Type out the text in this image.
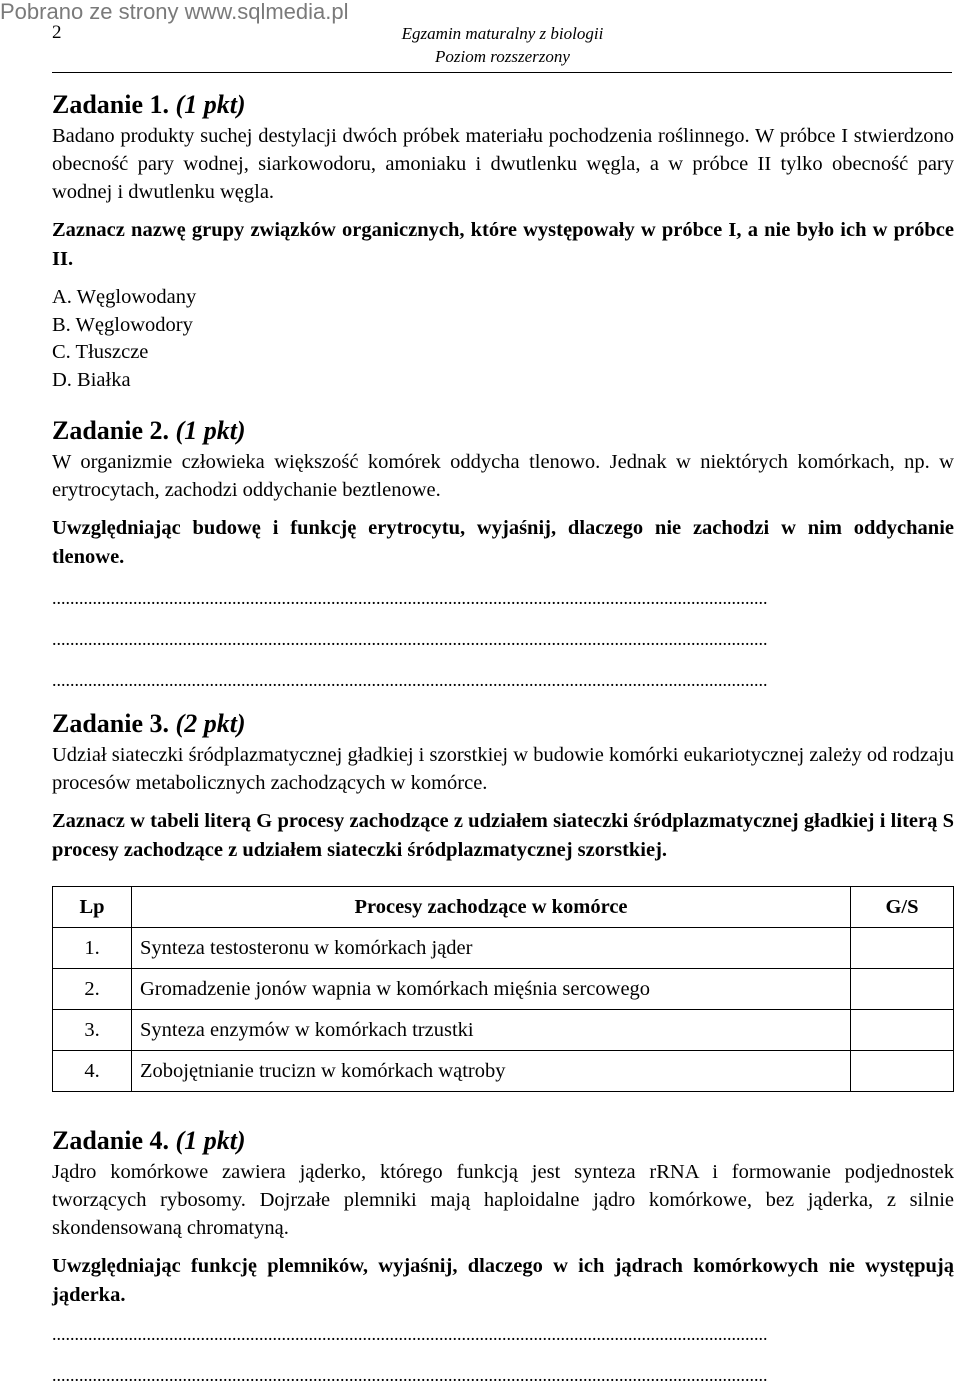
Pobrano ze strony www.sqlmedia.pl
2	Egzamin maturalny z biologii
Poziom rozszerzony
Zadanie 1. (1 pkt)

Badano produkty suchej destylacji dwóch próbek materiału pochodzenia roślinnego. W próbce I stwierdzono obecność pary wodnej, siarkowodoru, amoniaku i dwutlenku węgla, a w próbce II tylko obecność pary wodnej i dwutlenku węgla.

Zaznacz nazwę grupy związków organicznych, które występowały w próbce I, a nie było ich w próbce II.

A. Węglowodany
B. Węglowodory
C. Tłuszcze
D. Białka
Zadanie 2. (1 pkt)

W organizmie człowieka większość komórek oddycha tlenowo. Jednak w niektórych komórkach, np. w erytrocytach, zachodzi oddychanie beztlenowe.

Uwzględniając budowę i funkcję erytrocytu, wyjaśnij, dlaczego nie zachodzi w nim oddychanie tlenowe.

...............................................................................................................................................................
...............................................................................................................................................................
...............................................................................................................................................................
Zadanie 3. (2 pkt)

Udział siateczki śródplazmatycznej gładkiej i szorstkiej w budowie komórki eukariotycznej zależy od rodzaju procesów metabolicznych zachodzących w komórce.

Zaznacz w tabeli literą G procesy zachodzące z udziałem siateczki śródplazmatycznej gładkiej i literą S procesy zachodzące z udziałem siateczki śródplazmatycznej szorstkiej.

Lp	Procesy zachodzące w komórce	G/S
1.	Synteza testosteronu w komórkach jąder	
2.	Gromadzenie jonów wapnia w komórkach mięśnia sercowego	
3.	Synteza enzymów w komórkach trzustki	
4.	Zobojętnianie trucizn w komórkach wątroby	
Zadanie 4. (1 pkt)

Jądro komórkowe zawiera jąderko, którego funkcją jest synteza rRNA i formowanie podjednostek tworzących rybosomy. Dojrzałe plemniki mają haploidalne jądro komórkowe, bez jąderka, z silnie skondensowaną chromatyną.

Uwzględniając funkcję plemników, wyjaśnij, dlaczego w ich jądrach komórkowych nie występują jąderka.

...............................................................................................................................................................
...............................................................................................................................................................
